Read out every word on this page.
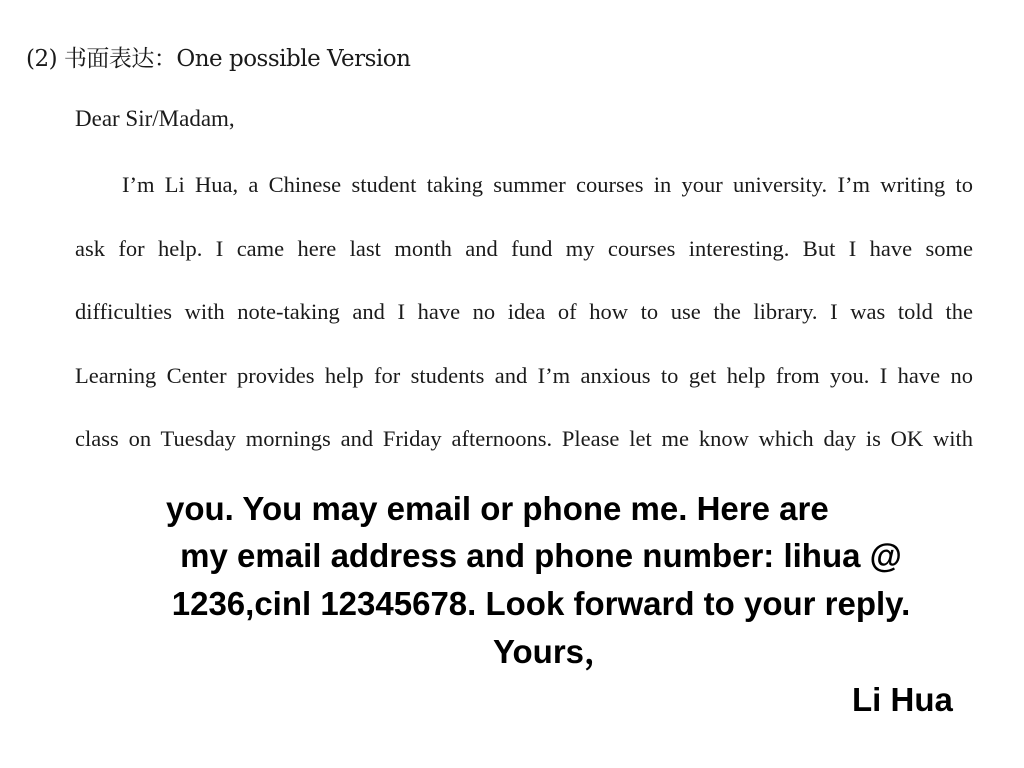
(2) 书面表达：One possible Version
Dear Sir/Madam,
I’m Li Hua, a Chinese student taking summer courses in your university. I’m writing to
ask for help. I came here last month and fund my courses interesting. But I have some
difficulties with note-taking and I have no idea of how to use the library. I was told the
Learning Center provides help for students and I’m anxious to get help from you. I have no
class on Tuesday mornings and Friday afternoons. Please let me know which day is OK with
you. You may email or phone me. Here are
my email address and phone number: lihua @
1236,cinl 12345678. Look forward to your reply.
Yours，
Li Hua
